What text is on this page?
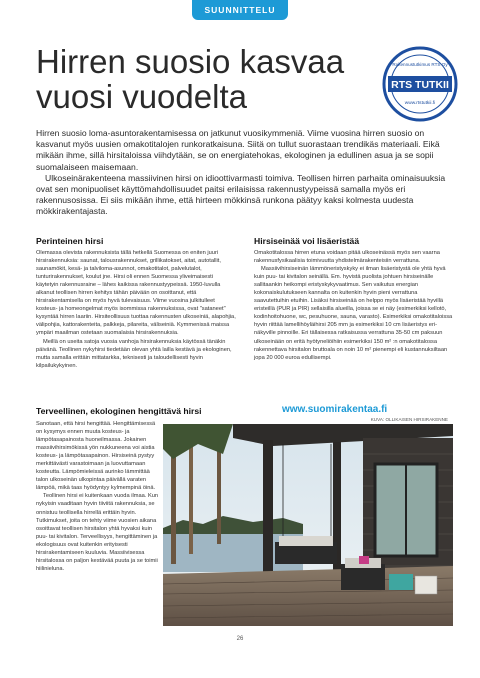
SUUNNITTELU
Hirren suosio kasvaa vuosi vuodelta	RTS TUTKII
Rakennustutkimus RTS Oy
www.rtstutkii.fi

Hirren suosio loma-asuntorakentamisessa on jatkunut vuosikymmeniä. Viime vuosina hirren suosio on kasvanut myös uusien omakotitalojen runkoratkaisuna. Siitä on tullut suorastaan trendikäs materiaali. Eikä mikään ihme, sillä hirsitaloissa viihdytään, se on energiatehokas, ekologinen ja edullinen asua ja se sopii suomalaiseen maisemaan.

Ulkoseinärakenteena massiivinen hirsi on idioottivarmasti toimiva. Teollisen hirren parhaita ominaisuuksia ovat sen monipuoliset käyttömahdollisuudet paitsi erilaisissa rakennustyypeissä samalla myös eri rakennusosissa. Ei siis mikään ihme, että hirteen mökkinsä runkona päätyy kaksi kolmesta uudesta mökkirakentajasta.

Perinteinen hirsi

Olemassa olevista rakennuksista tällä hetkellä Suomessa on eniten juuri hirsirakennuksia: saunat, talousrakennukset, grillikatokset, aitat, autotallit, saunamökit, kesä- ja talviloma-asunnot, omakotitalot, palvelutalot, tunturirakennukset, koulut jne. Hirsi oli ennen Suomessa yliveimaisesti käytetyin rakennusraine – lähes kaikissa rakennustyypeissä. 1950-luvulla alkanut teollisen hirren kehitys tähän päivään on osoittanut, että hirsirakentamisella on myös hyvä tulevaisuus. Viime vuosina julkitulleet kosteus- ja homeongelmat myös isommissa rakennuksissa, ovat "sataneet" kysyntää hirren laariin. Hirsiteollisuus tuottaa rakennusten ulkoseiniä, alapohjia, välipohjia, kattorakenteita, palkkeja, pilareita, väliseiniä. Kymmenissä maissa ympäri maailman ostetaan suomalaisia hirsirakennuksia.

Meillä on useita satoja vuosia vanhoja hirsirakennuksia käytössä tänäkin päivänä. Teollinen nykyhirsi tiedetään olevan yhtä lailla kestävä ja ekologinen, mutta samalla erittäin mittatarkka, teknisesti ja taloudellisesti hyvin kilpailukykyinen.

Hirsiseinää voi lisäeristää

Omakotitalossa hirren etuna voidaan pitää ulkoseinässä myös sen vaarna rakennusfysikaalisia toimivuutta yhdistelmärakenteisiin verrattuna.

Massiivihirsiseinän lämmöneristyskyky ei ilman lisäeristystä ole yhtä hyvä kuin puu- tai kivitalon seinällä. Em. hyvistä puolista johtuen hirsiseinälle sallitaankin heikompi eristyskykyvaatimus. Sen vaikutus energian kokonaiskulutukseen kannalta on kuitenkin hyvin pieni verrattuna saavutettuihin etuihin. Lisäksi hirsiseinää on helppo myös lisäeristää hyvillä eristeillä (PUR ja PIR) sellaisilla alueilla, joissa se ei näy (esimerkiksi kellotö, kodinhoitohuone, wc, pesuhuone, sauna, varasto). Esimerkiksi omakotitaloissa hyvin riittää lamellihöyläihirsi 205 mm ja esimerkiksi 10 cm lisäeristys eri-näkyville pinnoille. Eri tällaisessa ratkaisussa verrattuna 35-50 cm paksuun ulkoseinään on eritä hyötyneliöihiin esimerkiksi 150 m² :n omakotitalossa rakennettava hirsitalon bruttoala on noin 10 m² pienempi eli kustannuksiltaan jopa 20 000 euroa edullisempi.

Terveellinen, ekologinen hengittävä hirsi

Sanotaan, että hirsi hengittää. Hengittämisessä on kysymys ennen muuta kosteus- ja lämpötasapainosta huoneilmassa. Jokainen massiivihirsimökissä yön nukkuneena voi aistia kosteus- ja lämpötasapainon. Hirsiseinä pystyy merkittävästi varastoimaan ja luovuttamaan kosteutta. Lämpömieleissä aurinko lämmittää talon ulkoseinän ulkopintaa päivällä varaten lämpöä, mikä taas hyödyntyy kylmempinä öinä.

Teollinen hirsi ei kuitenkaan vuoda ilmaa. Kun nykyisin vaaditaan hyvin tiiviitä rakennuksia, se onnistuu teollisella hirrellä erittäin hyvin. Tutkimukset, joita on tehty viime vuosien aikana osoittavat teollisen hirsitalon yhtä hyvaksi kuin puu- tai kivitalon. Terveellisyys, hengittäminen ja ekologisuus ovat kuitenkin erityisesti hirsirakentamiseen kuuluvia. Massiivisessa hirsitalossa on paljon kestävää puuta ja se toimii hiilinieluna.

www.suomirakentaa.fi
KUVA: OLLIKAISEN HIRSIRAKENNE
26
